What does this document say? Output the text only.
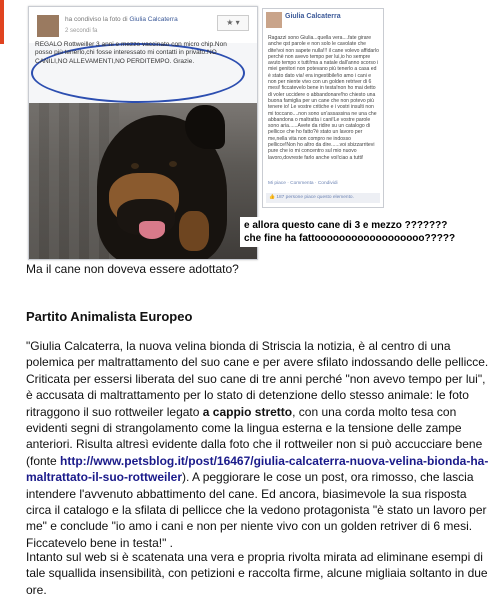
ha condiviso la foto di Giulia Calcaterra
2 secondi fa
★ ▾
REGALO Rottweiller 3 anni e mezzo vaccinato con micro chip.Non posso più tenerlo,chi fosse interessato mi contatti in privato.NO CANILI,NO ALLEVAMENTI,NO PERDITEMPO. Grazie.
Giulia Calcaterra
Ragazzi sono Giulia...quella vera....fate girare anche qst parole e non solo le cavolate che dite!voi non sapete nulla!!! il cane volevo affidarlo perchè non avevo tempo per lui,io ho sempre avuto tempo x tutti!ma a natale dall'anno scorso i miei genitori non potevano più tenerlo a casa ed è stato dato via! era ingestibile!io amo i cani e non per niente vivo con un golden retriver di 6 mesi! ficcatevelo bene in testa!non ho mai detto di voler uccidere o abbandonare!ho chiesto una buona famiglia per un cane che non potevo più tenere io! Le vostre critiche e i vostri insulti non mi toccano....non sono un'assassina ne una che abbandona o maltratta i cani!Le vostre parole sono aria......Avete da ridire su un catalogo di pellicce che ho fatto?è stato un lavoro per me,nella vita non compro ne indosso pellicce!Non ho altro da dire......voi sbizzarritevi pure che io mi concentro sul mio nuovo lavoro,dovreste farlo anche voi!ciao a tutti!
Mi piace · Commenta · Condividi
👍 187 persone piace questo elemento.
e allora questo cane di 3 e mezzo ???????
che fine ha fattoooooooooooooooooo?????
Ma il cane non doveva essere adottato?
Partito Animalista Europeo

"Giulia Calcaterra, la nuova velina bionda di Striscia la notizia, è al centro di una polemica per maltrattamento del suo cane e per avere sfilato indossando delle pellicce. Criticata per essersi liberata del suo cane di tre anni perché "non avevo tempo per lui", è accusata di maltrattamento per lo stato di detenzione dello stesso animale: le foto ritraggono il suo rottweiler legato a cappio stretto, con una corda molto tesa con evidenti segni di strangolamento come la lingua esterna e la tensione delle zampe anteriori. Risulta altresì evidente dalla foto che il rottweiler non si può accucciare bene (fonte http://www.petsblog.it/post/16467/giulia-calcaterra-nuova-velina-bionda-ha-maltrattato-il-suo-rottweiler). A peggiorare le cose un post, ora rimosso, che lascia intendere l'avvenuto abbattimento del cane. Ed ancora, biasimevole la sua risposta circa il catalogo e la sfilata di pellicce che la vedono protagonista "è stato un lavoro per me" e conclude "io amo i cani e non per niente vivo con un golden retriver di 6 mesi. Ficcatevelo bene in testa!" .

Intanto sul web si è scatenata una vera e propria rivolta mirata ad eliminane esempi di tale squallida insensibilità, con petizioni e raccolta firme, alcune migliaia soltanto in due ore.
